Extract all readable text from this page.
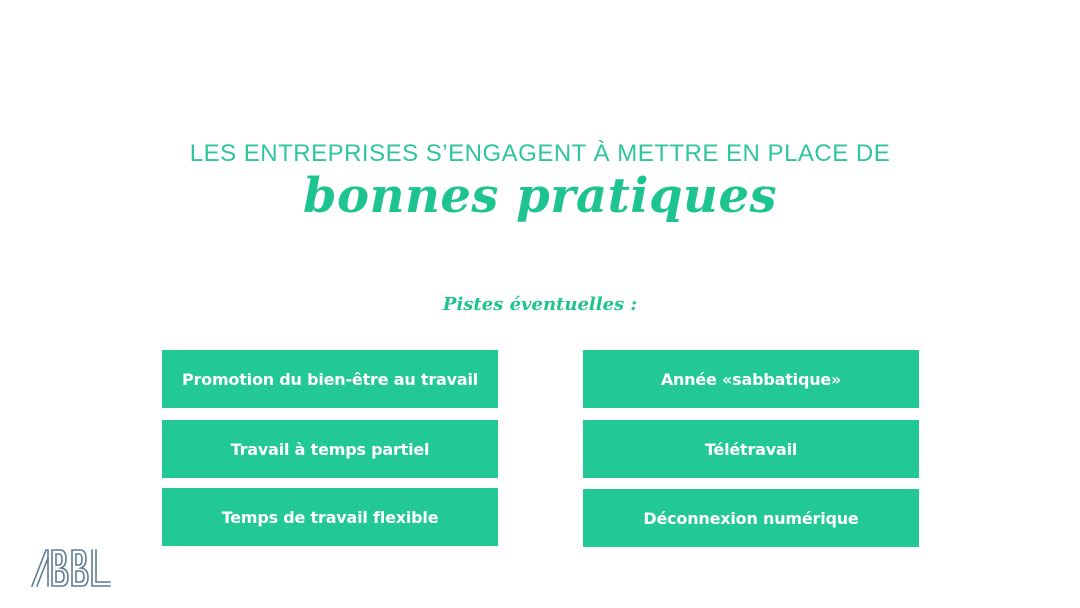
LES ENTREPRISES S’ENGAGENT À METTRE EN PLACE DE
bonnes pratiques
Pistes éventuelles :
Promotion du bien-être au travail
Travail à temps partiel
Temps de travail flexible
Année «sabbatique»
Télétravail
Déconnexion numérique
